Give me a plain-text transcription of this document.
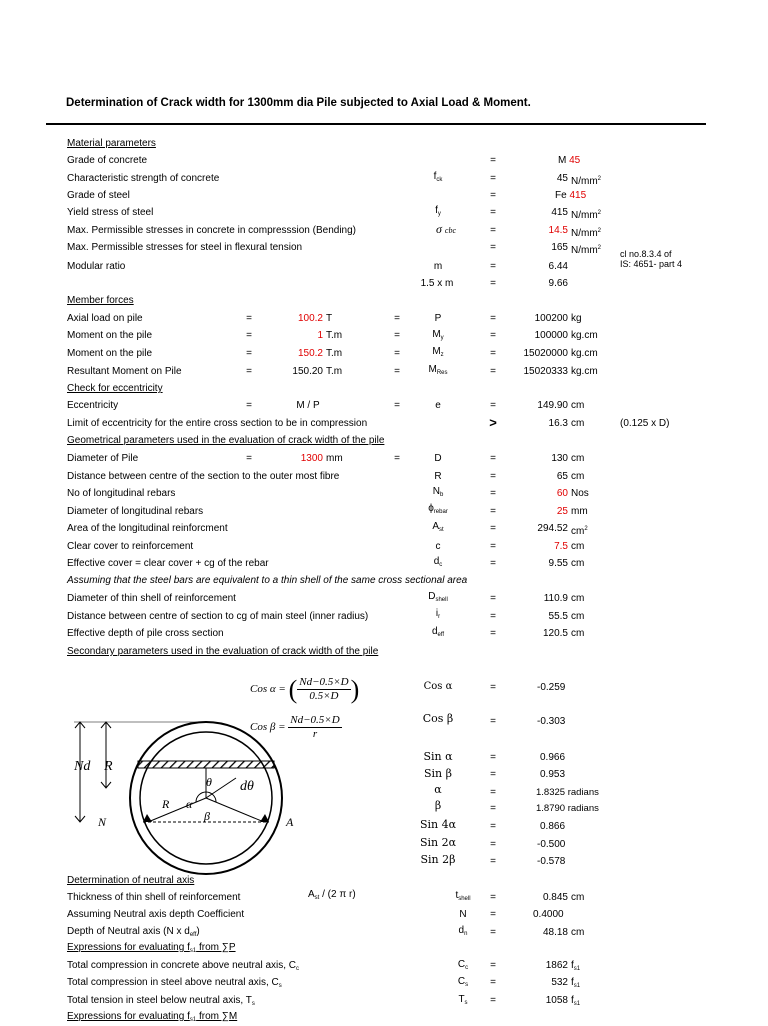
Determination of Crack width for 1300mm dia Pile subjected to Axial Load & Moment.
Material parameters
Grade of concrete	=	M 45
Characteristic strength of concrete	$f_{ck}$	=	45 $N/mm^2$
Grade of steel	=	Fe 415
Yield stress of steel	$f_y$	=	415 $N/mm^2$
Max. Permissible stresses in concrete in compresssion (Bending)	σ cbc	=	14.5 $N/mm^2$
Max. Permissible stresses for steel in flexural tension	=	165 $N/mm^2$
cl no.8.3.4 of
IS: 4651- part 4
Modular ratio	m	=	6.44
1.5 x m	=	9.66
Member forces
Axial load on pile	=	100.2 T	=	P	=	100200 kg
Moment on the pile	=	1 T.m	=	$M_y$	=	100000 kg.cm
Moment on the pile	=	150.2 T.m	=	$M_z$	=	15020000 kg.cm
Resultant Moment on Pile	=	150.20 T.m	=	$M_{Res}$	=	15020333 kg.cm
Check for eccentricity
Eccentricity	=	M / P	=	e	=	149.90 cm
Limit of eccentricity for the entire cross section to be in compression	>	16.3 cm	(0.125 x D)
Geometrical parameters used in the evaluation of crack width of the pile
Diameter of Pile	=	1300 mm	=	D	=	130 cm
Distance between centre of the section to the outer most fibre	R	=	65 cm
No of longitudinal rebars	$N_b$	=	60 Nos
Diameter of longitudinal rebars	$\phi_{rebar}$	=	25 mm
Area of the longitudinal reinforcment	$A_{st}$	=	294.52 $cm^2$
Clear cover to reinforcement	c	=	7.5 cm
Effective cover = clear cover + cg of the rebar	$d_c$	=	9.55 cm
Assuming that the steel bars are equivalent to a thin shell of the same cross sectional area
Diameter of thin shell of reinforcement	$D_{shell}$	=	110.9 cm
Distance between centre of section to cg of main steel (inner radius)	$i_r$	=	55.5 cm
Effective depth of pile cross section	$d_{eff}$	=	120.5 cm
Secondary parameters used in the evaluation of crack width of the pile
Cos α = ( $\frac{Nd-0.5\times D}{0.5\times D}$ )
Cos $\beta = \frac{Nd-0.5\times D}{r}$
Cos α	=	-0.259
Cos β	=	-0.303
Sin α	=	0.966
Sin β	=	0.953
α	=	1.8325 radians
β	=	1.8790 radians
Sin 4α	=	0.866
Sin 2α	=	-0.500
Sin 2β	=	-0.578
Nd R
N
θ dθ
R α
β	A
Determination of neutral axis
Thickness of thin shell of reinforcement	$A_{st} / (2$ π r)	$t_{shell}$	=	0.845 cm
Assuming Neutral axis depth Coefficient	N	=	0.4000
Depth of Neutral axis (N x $d_{eff}$)	$d_n$	=	48.18 cm
Expressions for evaluating $f_{s1}$ from ∑P
Total compression in concrete above neutral axis, $C_c$	$C_c$	=	1862 $f_{s1}$
Total compression in steel above neutral axis, $C_s$	$C_s$	=	532 $f_{s1}$
Total tension in steel below neutral axis, $T_s$	$T_s$	=	1058 $f_{s1}$
Expressions for evaluating $f_{s1}$ from ∑M
